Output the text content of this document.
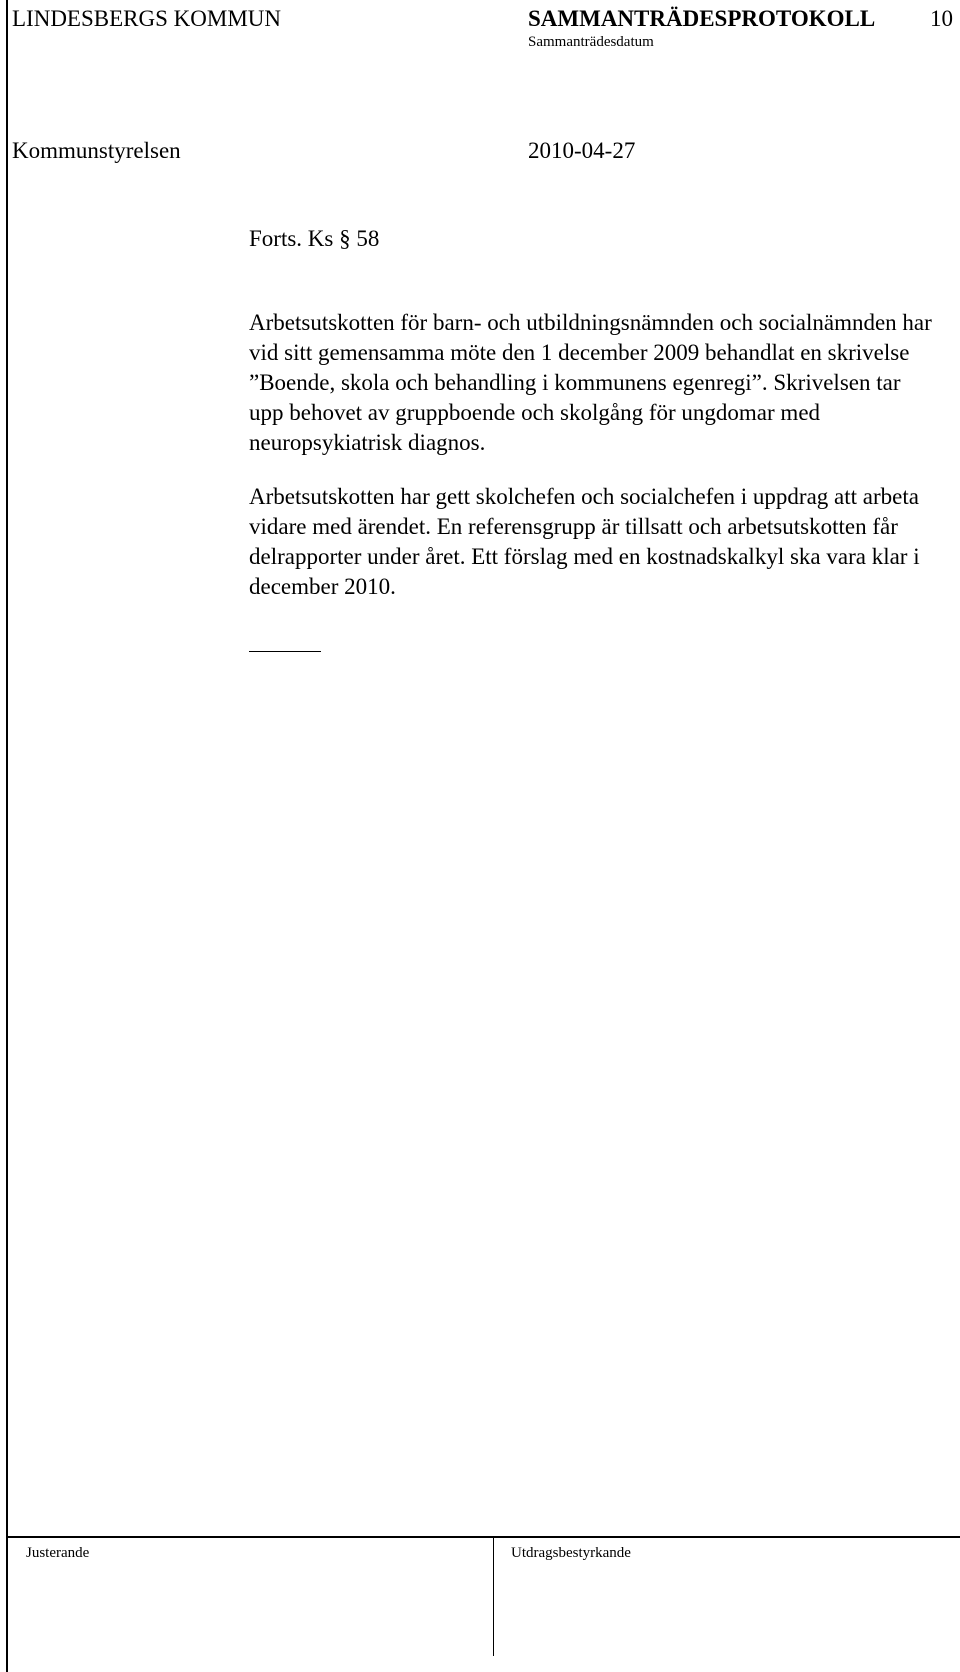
LINDESBERGS KOMMUN	SAMMANTRÄDESPROTOKOLL 10
Sammanträdesdatum
Kommunstyrelsen	2010-04-27
Forts. Ks § 58
Arbetsutskotten för barn- och utbildningsnämnden och socialnämnden har vid sitt gemensamma möte den 1 december 2009 behandlat en skrivelse ”Boende, skola och behandling i kommunens egenregi”. Skrivelsen tar upp behovet av gruppboende och skolgång för ungdomar med neuropsykiatrisk diagnos.
Arbetsutskotten har gett skolchefen och socialchefen i uppdrag att arbeta vidare med ärendet. En referensgrupp är tillsatt och arbetsutskotten får delrapporter under året. Ett förslag med en kostnadskalkyl ska vara klar i december 2010.
Justerande	Utdragsbestyrkande
